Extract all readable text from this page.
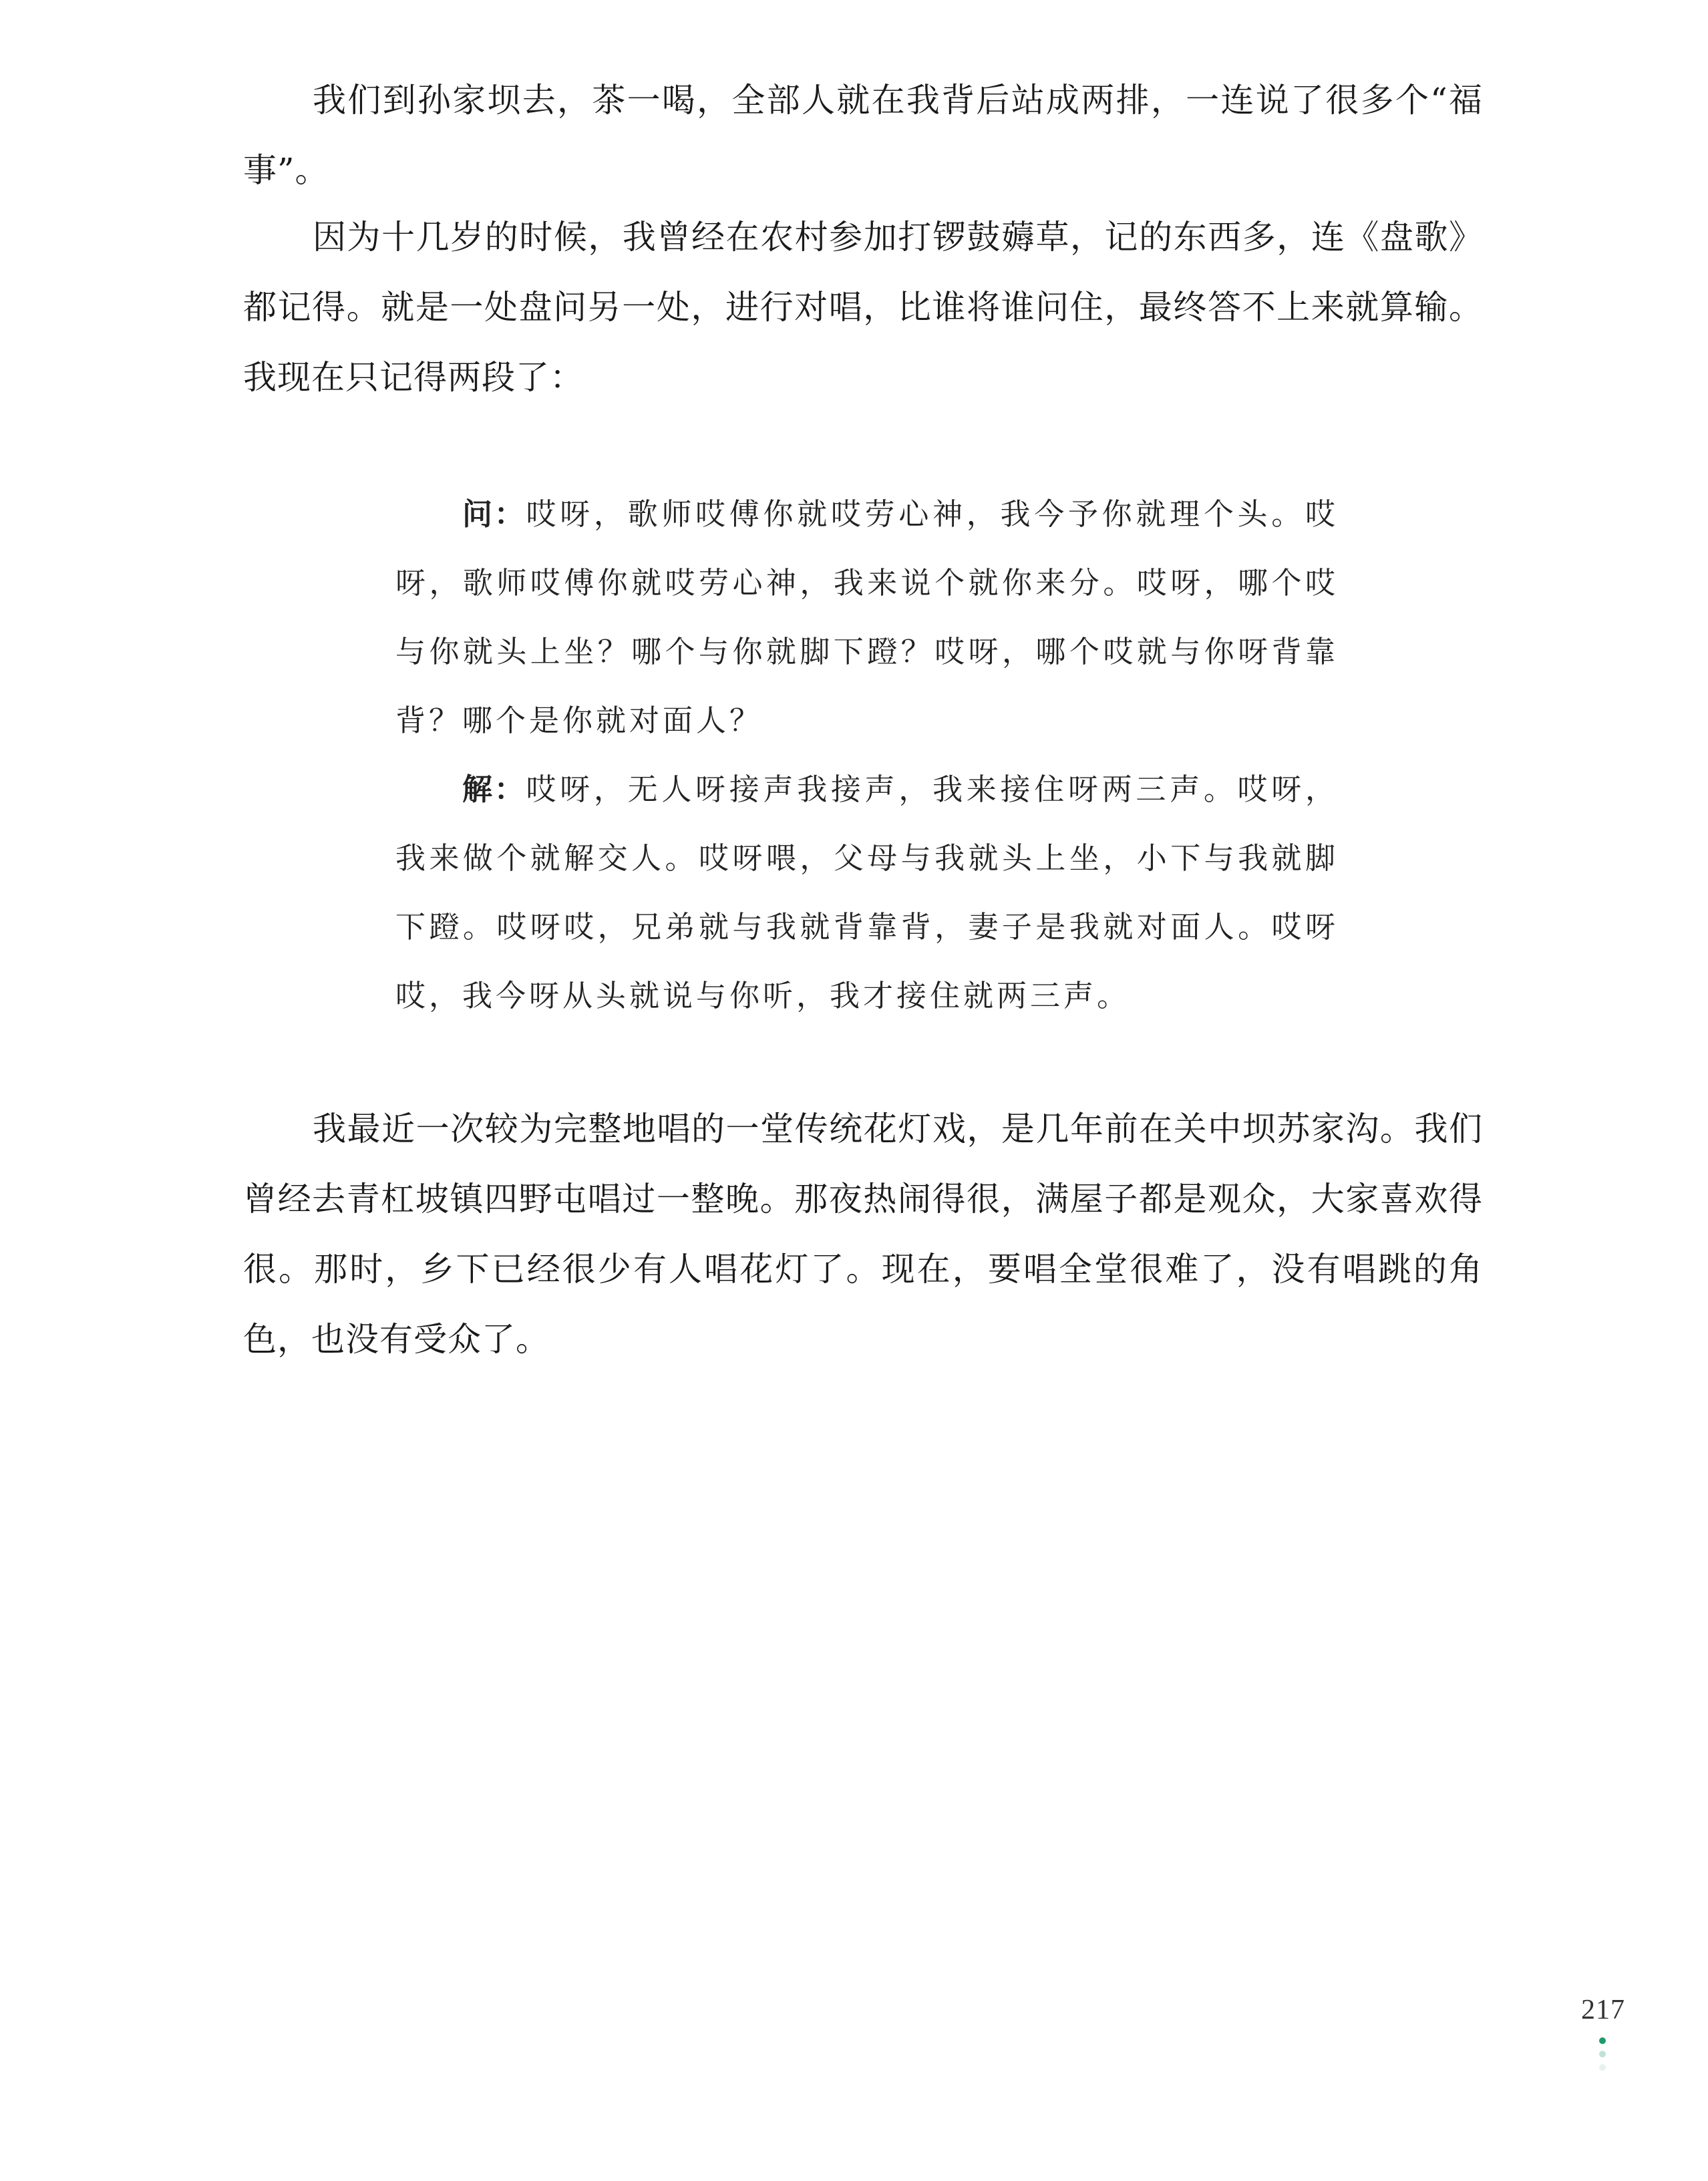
我们到孙家坝去，茶一喝，全部人就在我背后站成两排，一连说了很多个“福事”。

因为十几岁的时候，我曾经在农村参加打锣鼓薅草，记的东西多，连《盘歌》都记得。就是一处盘问另一处，进行对唱，比谁将谁问住，最终答不上来就算输。我现在只记得两段了：

问：哎呀，歌师哎傅你就哎劳心神，我今予你就理个头。哎呀，歌师哎傅你就哎劳心神，我来说个就你来分。哎呀，哪个哎与你就头上坐？哪个与你就脚下蹬？哎呀，哪个哎就与你呀背靠背？哪个是你就对面人？

解：哎呀，无人呀接声我接声，我来接住呀两三声。哎呀，我来做个就解交人。哎呀喂，父母与我就头上坐，小下与我就脚下蹬。哎呀哎，兄弟就与我就背靠背，妻子是我就对面人。哎呀哎，我今呀从头就说与你听，我才接住就两三声。

我最近一次较为完整地唱的一堂传统花灯戏，是几年前在关中坝苏家沟。我们曾经去青杠坡镇四野屯唱过一整晚。那夜热闹得很，满屋子都是观众，大家喜欢得很。那时，乡下已经很少有人唱花灯了。现在，要唱全堂很难了，没有唱跳的角色，也没有受众了。

217
